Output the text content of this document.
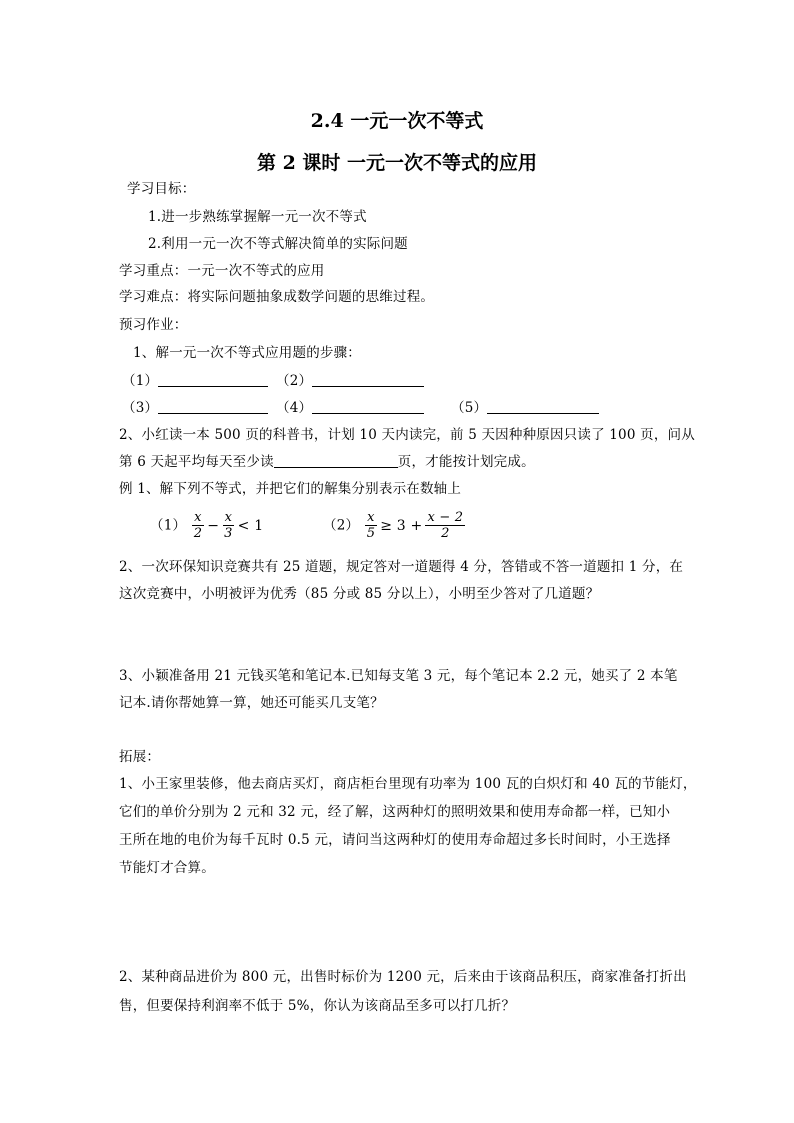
2.4 一元一次不等式
第 2 课时 一元一次不等式的应用
学习目标：
1.进一步熟练掌握解一元一次不等式
2.利用一元一次不等式解决简单的实际问题
学习重点：一元一次不等式的应用
学习难点：将实际问题抽象成数学问题的思维过程。
预习作业：
1、解一元一次不等式应用题的步骤：
（1）	（2）
（3）	（4）	（5）
2、小红读一本 500 页的科普书，计划 10 天内读完，前 5 天因种种原因只读了 100 页，问从
第 6 天起平均每天至少读	页，才能按计划完成。
例 1、解下列不等式，并把它们的解集分别表示在数轴上
$(1) \frac{x}{2} - \frac{x}{3} < 1$	$(2) \frac{x}{5} \ge 3 + \frac{x - 2}{2}$
2、一次环保知识竞赛共有 25 道题，规定答对一道题得 4 分，答错或不答一道题扣 1 分，在
这次竞赛中，小明被评为优秀（85 分或 85 分以上），小明至少答对了几道题？
3、小颖准备用 21 元钱买笔和笔记本.已知每支笔 3 元，每个笔记本 2.2 元，她买了 2 本笔
记本.请你帮她算一算，她还可能买几支笔？
拓展：
1、小王家里装修，他去商店买灯，商店柜台里现有功率为 100 瓦的白炽灯和 40 瓦的节能灯，
它们的单价分别为 2 元和 32 元，经了解，这两种灯的照明效果和使用寿命都一样，已知小
王所在地的电价为每千瓦时 0.5 元，请问当这两种灯的使用寿命超过多长时间时，小王选择
节能灯才合算。
2、某种商品进价为 800 元，出售时标价为 1200 元，后来由于该商品积压，商家准备打折出
售，但要保持利润率不低于 5%，你认为该商品至多可以打几折？
